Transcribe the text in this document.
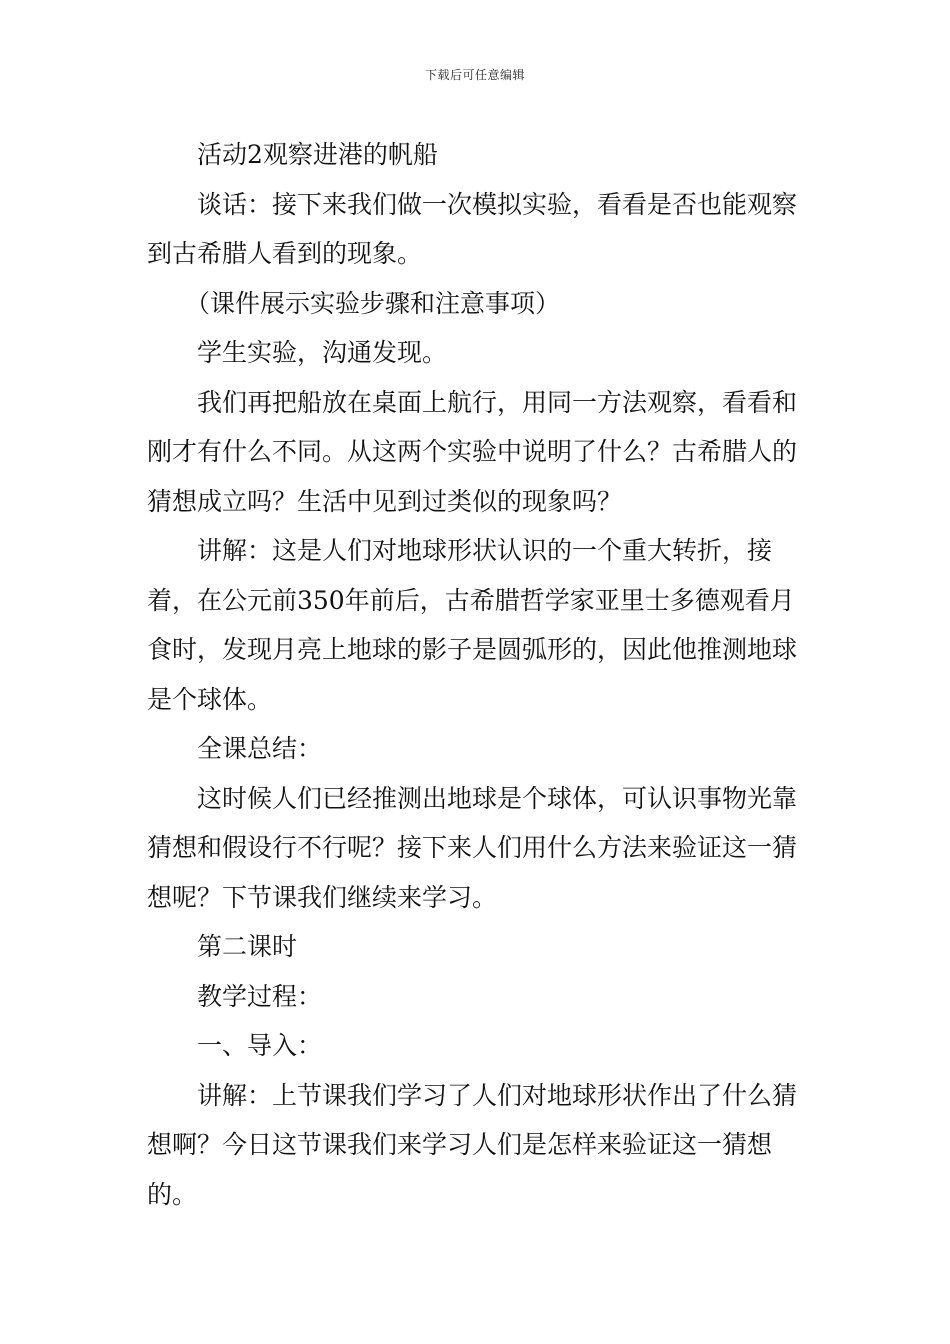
下载后可任意编辑

活动2观察进港的帆船

谈话：接下来我们做一次模拟实验，看看是否也能观察到古希腊人看到的现象。

（课件展示实验步骤和注意事项）

学生实验，沟通发现。

我们再把船放在桌面上航行，用同一方法观察，看看和刚才有什么不同。从这两个实验中说明了什么？古希腊人的猜想成立吗？生活中见到过类似的现象吗？

讲解：这是人们对地球形状认识的一个重大转折，接着，在公元前350年前后，古希腊哲学家亚里士多德观看月食时，发现月亮上地球的影子是圆弧形的，因此他推测地球是个球体。

全课总结：

这时候人们已经推测出地球是个球体，可认识事物光靠猜想和假设行不行呢？接下来人们用什么方法来验证这一猜想呢？下节课我们继续来学习。

第二课时

教学过程：

一、导入：

讲解：上节课我们学习了人们对地球形状作出了什么猜想啊？今日这节课我们来学习人们是怎样来验证这一猜想的。
